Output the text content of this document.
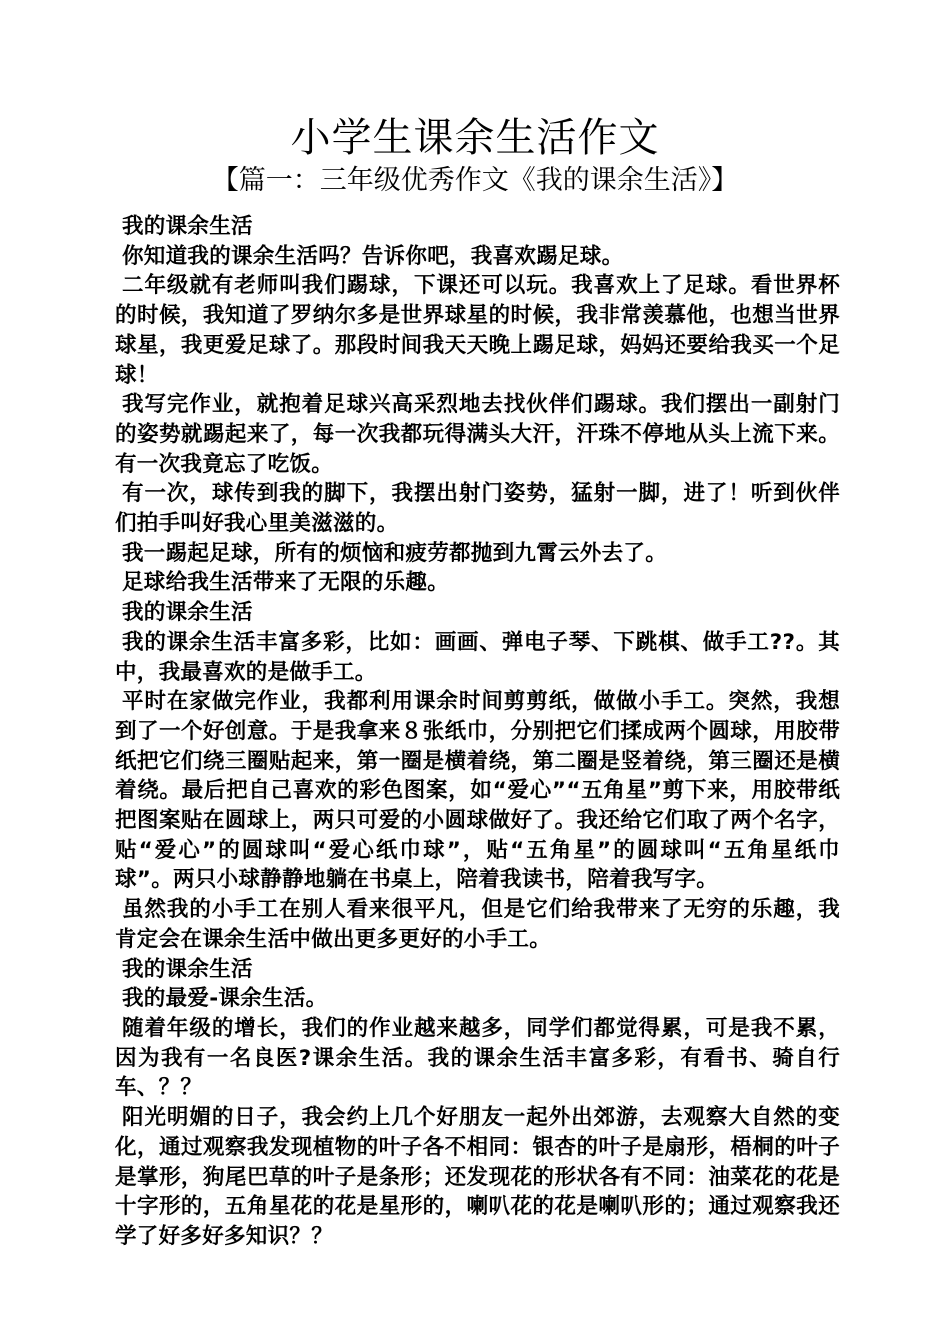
小学生课余生活作文
【篇一：三年级优秀作文《我的课余生活》】

我的课余生活

你知道我的课余生活吗？告诉你吧，我喜欢踢足球。

二年级就有老师叫我们踢球，下课还可以玩。我喜欢上了足球。看世界杯的时候，我知道了罗纳尔多是世界球星的时候，我非常羡慕他，也想当世界球星，我更爱足球了。那段时间我天天晚上踢足球，妈妈还要给我买一个足球！

我写完作业，就抱着足球兴高采烈地去找伙伴们踢球。我们摆出一副射门的姿势就踢起来了，每一次我都玩得满头大汗，汗珠不停地从头上流下来。有一次我竟忘了吃饭。

有一次，球传到我的脚下，我摆出射门姿势，猛射一脚，进了！听到伙伴们拍手叫好我心里美滋滋的。

我一踢起足球，所有的烦恼和疲劳都抛到九霄云外去了。

足球给我生活带来了无限的乐趣。

我的课余生活

我的课余生活丰富多彩，比如：画画、弹电子琴、下跳棋、做手工??。其中，我最喜欢的是做手工。

平时在家做完作业，我都利用课余时间剪剪纸，做做小手工。突然，我想到了一个好创意。于是我拿来８张纸巾，分别把它们揉成两个圆球，用胶带纸把它们绕三圈贴起来，第一圈是横着绕，第二圈是竖着绕，第三圈还是横着绕。最后把自己喜欢的彩色图案，如“爱心”“五角星”剪下来，用胶带纸把图案贴在圆球上，两只可爱的小圆球做好了。我还给它们取了两个名字，贴“爱心”的圆球叫“爱心纸巾球”，贴“五角星”的圆球叫“五角星纸巾球”。两只小球静静地躺在书桌上，陪着我读书，陪着我写字。

虽然我的小手工在别人看来很平凡，但是它们给我带来了无穷的乐趣，我肯定会在课余生活中做出更多更好的小手工。

我的课余生活

我的最爱-课余生活。

随着年级的增长，我们的作业越来越多，同学们都觉得累，可是我不累，因为我有一名良医?课余生活。我的课余生活丰富多彩，有看书、骑自行车、？？

阳光明媚的日子，我会约上几个好朋友一起外出郊游，去观察大自然的变化，通过观察我发现植物的叶子各不相同：银杏的叶子是扇形，梧桐的叶子是掌形，狗尾巴草的叶子是条形；还发现花的形状各有不同：油菜花的花是十字形的，五角星花的花是星形的，喇叭花的花是喇叭形的；通过观察我还学了好多好多知识？？
